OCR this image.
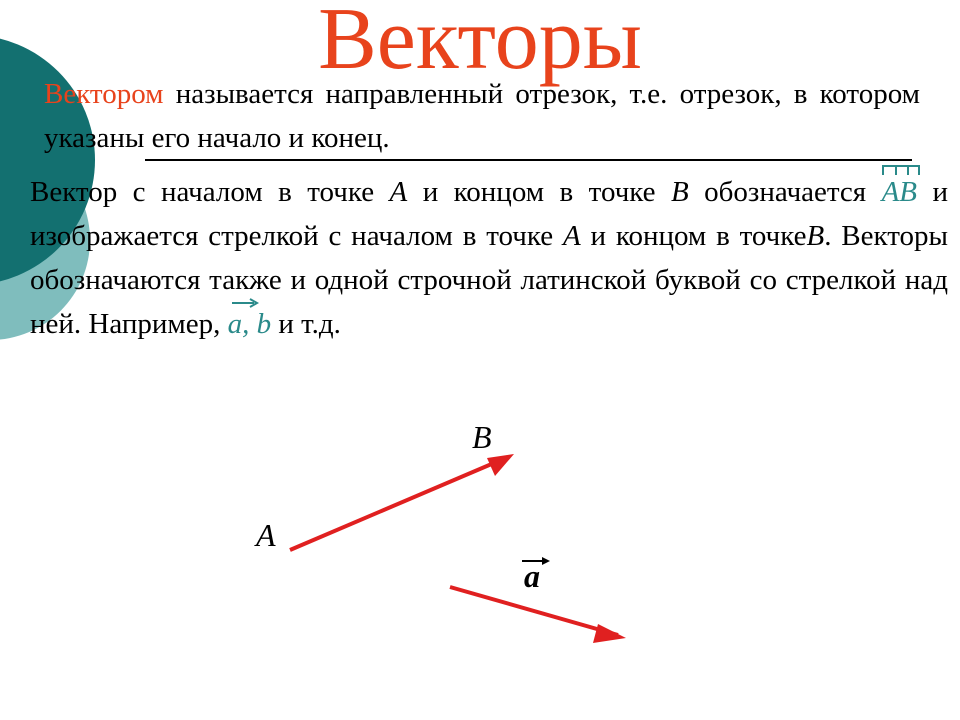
Векторы
Вектором называется направленный отрезок, т.е. отрезок, в котором указаны его начало и конец.
Вектор с началом в точке A и концом в точке B обозначается AB и изображается стрелкой с началом в точке A и концом в точкеB. Векторы обозначаются также и одной строчной латинской буквой со стрелкой над ней. Например, a, b и т.д.
B
A
a
